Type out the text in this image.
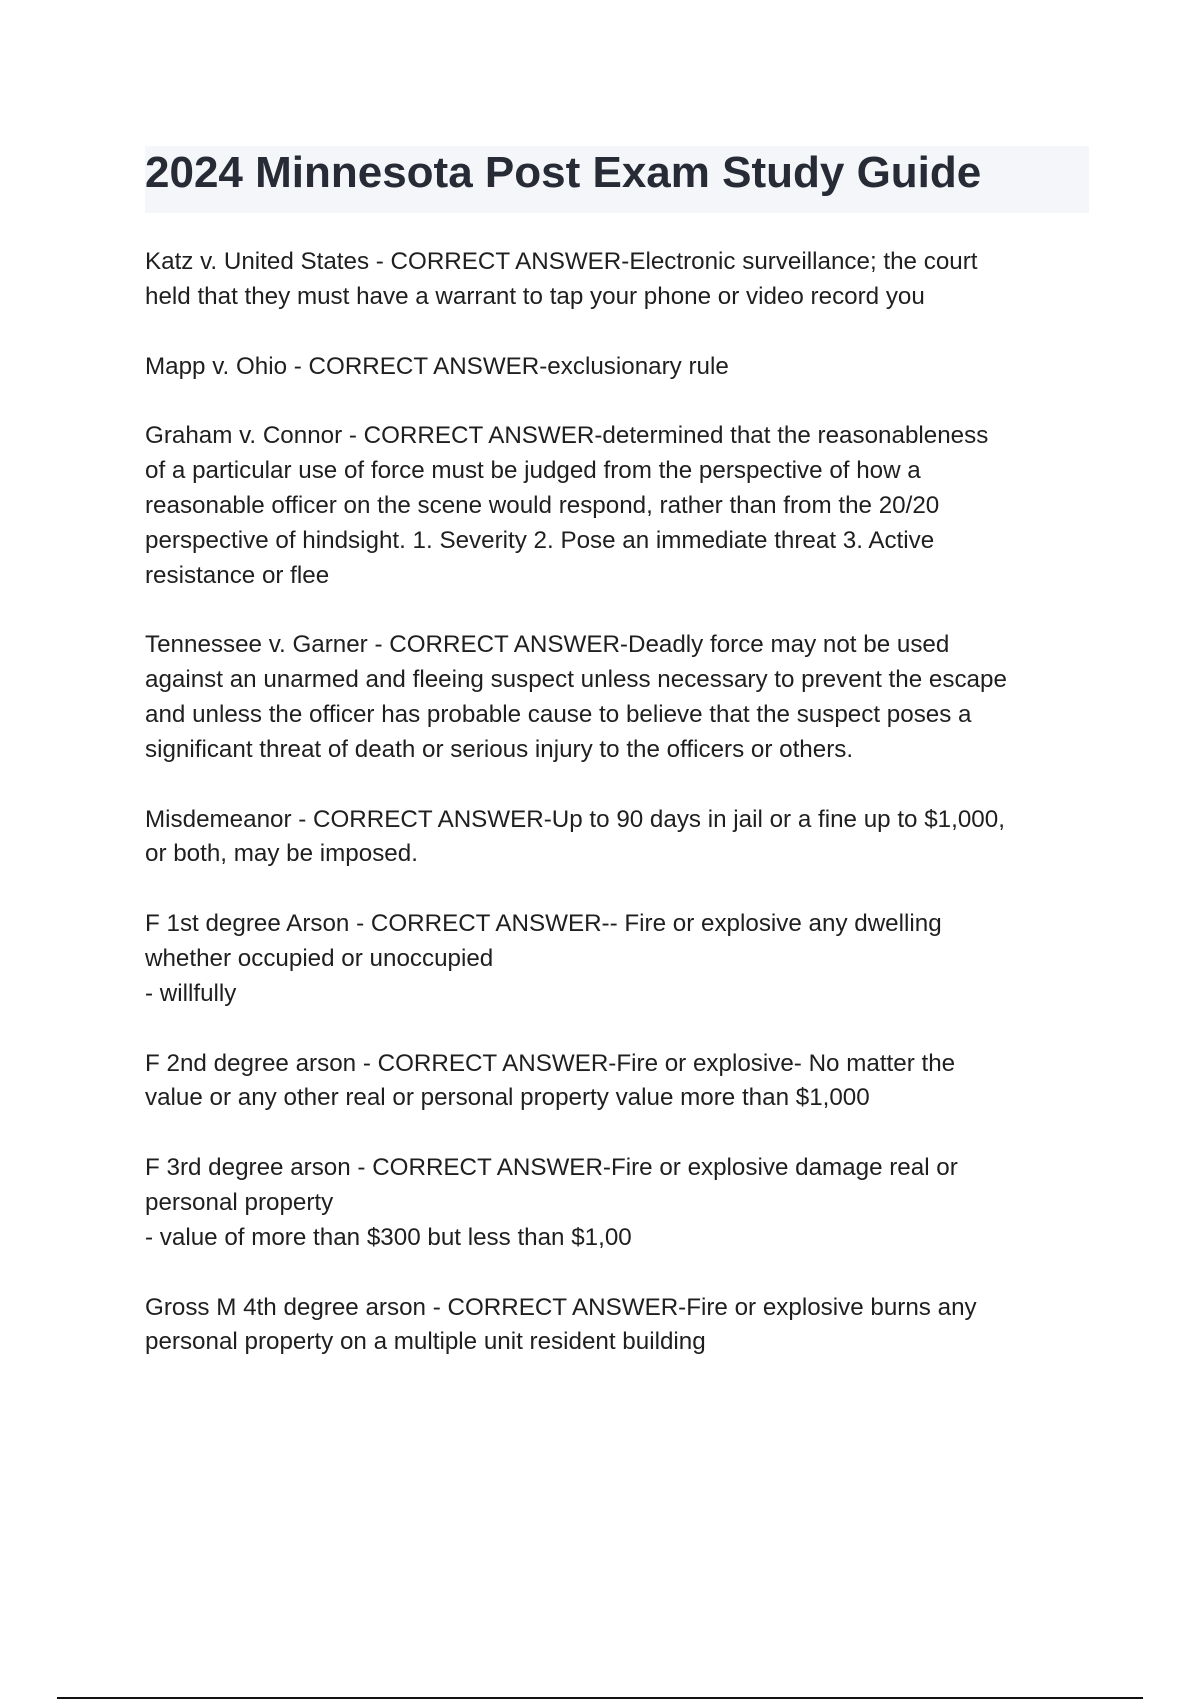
2024 Minnesota Post Exam Study Guide

Katz v. United States - CORRECT ANSWER-Electronic surveillance; the court
held that they must have a warrant to tap your phone or video record you

Mapp v. Ohio - CORRECT ANSWER-exclusionary rule

Graham v. Connor - CORRECT ANSWER-determined that the reasonableness
of a particular use of force must be judged from the perspective of how a
reasonable officer on the scene would respond, rather than from the 20/20
perspective of hindsight. 1. Severity 2. Pose an immediate threat 3. Active
resistance or flee

Tennessee v. Garner - CORRECT ANSWER-Deadly force may not be used
against an unarmed and fleeing suspect unless necessary to prevent the escape
and unless the officer has probable cause to believe that the suspect poses a
significant threat of death or serious injury to the officers or others.

Misdemeanor - CORRECT ANSWER-Up to 90 days in jail or a fine up to $1,000,
or both, may be imposed.

F 1st degree Arson - CORRECT ANSWER-- Fire or explosive any dwelling
whether occupied or unoccupied
- willfully

F 2nd degree arson - CORRECT ANSWER-Fire or explosive- No matter the
value or any other real or personal property value more than $1,000

F 3rd degree arson - CORRECT ANSWER-Fire or explosive damage real or
personal property
- value of more than $300 but less than $1,00

Gross M 4th degree arson - CORRECT ANSWER-Fire or explosive burns any
personal property on a multiple unit resident building
